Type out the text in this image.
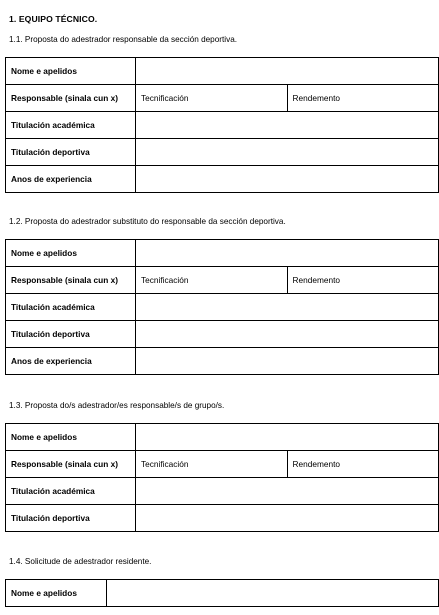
1. EQUIPO TÉCNICO.
1.1. Proposta do adestrador responsable da sección deportiva.
Nome e apelidos		
Responsable (sinala cun x)	Tecnificación	Rendemento
Titulación académica		
Titulación deportiva		
Anos de experiencia		
1.2. Proposta do adestrador substituto do responsable da sección deportiva.
Nome e apelidos		
Responsable (sinala cun x)	Tecnificación	Rendemento
Titulación académica		
Titulación deportiva		
Anos de experiencia		
1.3. Proposta do/s adestrador/es responsable/s de grupo/s.
Nome e apelidos		
Responsable (sinala cun x)	Tecnificación	Rendemento
Titulación académica		
Titulación deportiva		
1.4. Solicitude de adestrador residente.
Nome e apelidos	
